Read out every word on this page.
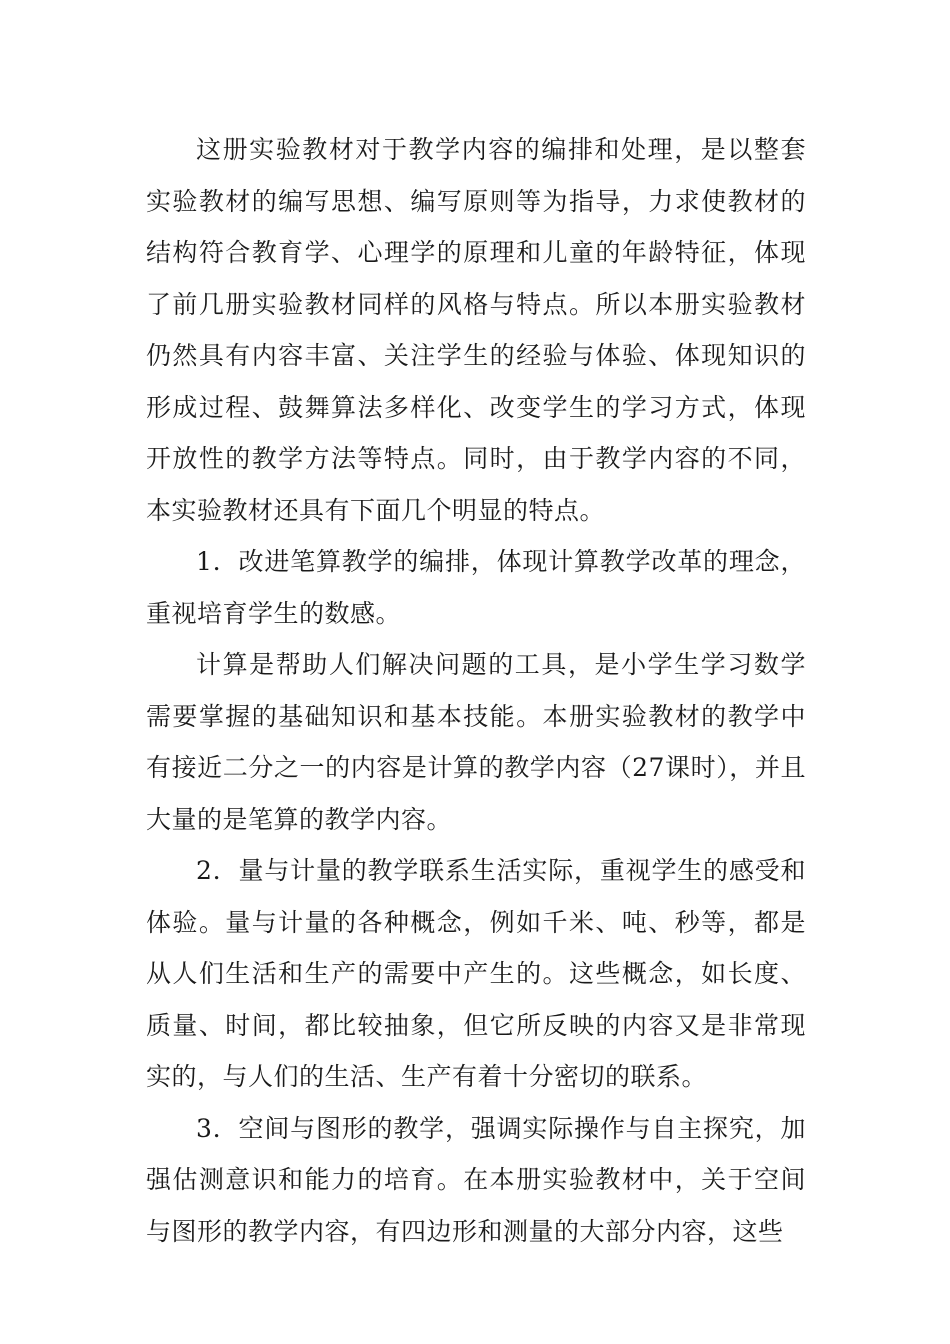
这册实验教材对于教学内容的编排和处理，是以整套实验教材的编写思想、编写原则等为指导，力求使教材的结构符合教育学、心理学的原理和儿童的年龄特征，体现了前几册实验教材同样的风格与特点。所以本册实验教材仍然具有内容丰富、关注学生的经验与体验、体现知识的形成过程、鼓舞算法多样化、改变学生的学习方式，体现开放性的教学方法等特点。同时，由于教学内容的不同，本实验教材还具有下面几个明显的特点。

1．改进笔算教学的编排，体现计算教学改革的理念，重视培育学生的数感。

计算是帮助人们解决问题的工具，是小学生学习数学需要掌握的基础知识和基本技能。本册实验教材的教学中有接近二分之一的内容是计算的教学内容（27课时），并且大量的是笔算的教学内容。

2．量与计量的教学联系生活实际，重视学生的感受和体验。量与计量的各种概念，例如千米、吨、秒等，都是从人们生活和生产的需要中产生的。这些概念，如长度、质量、时间，都比较抽象，但它所反映的内容又是非常现实的，与人们的生活、生产有着十分密切的联系。

3．空间与图形的教学，强调实际操作与自主探究，加强估测意识和能力的培育。在本册实验教材中，关于空间与图形的教学内容，有四边形和测量的大部分内容，这些
